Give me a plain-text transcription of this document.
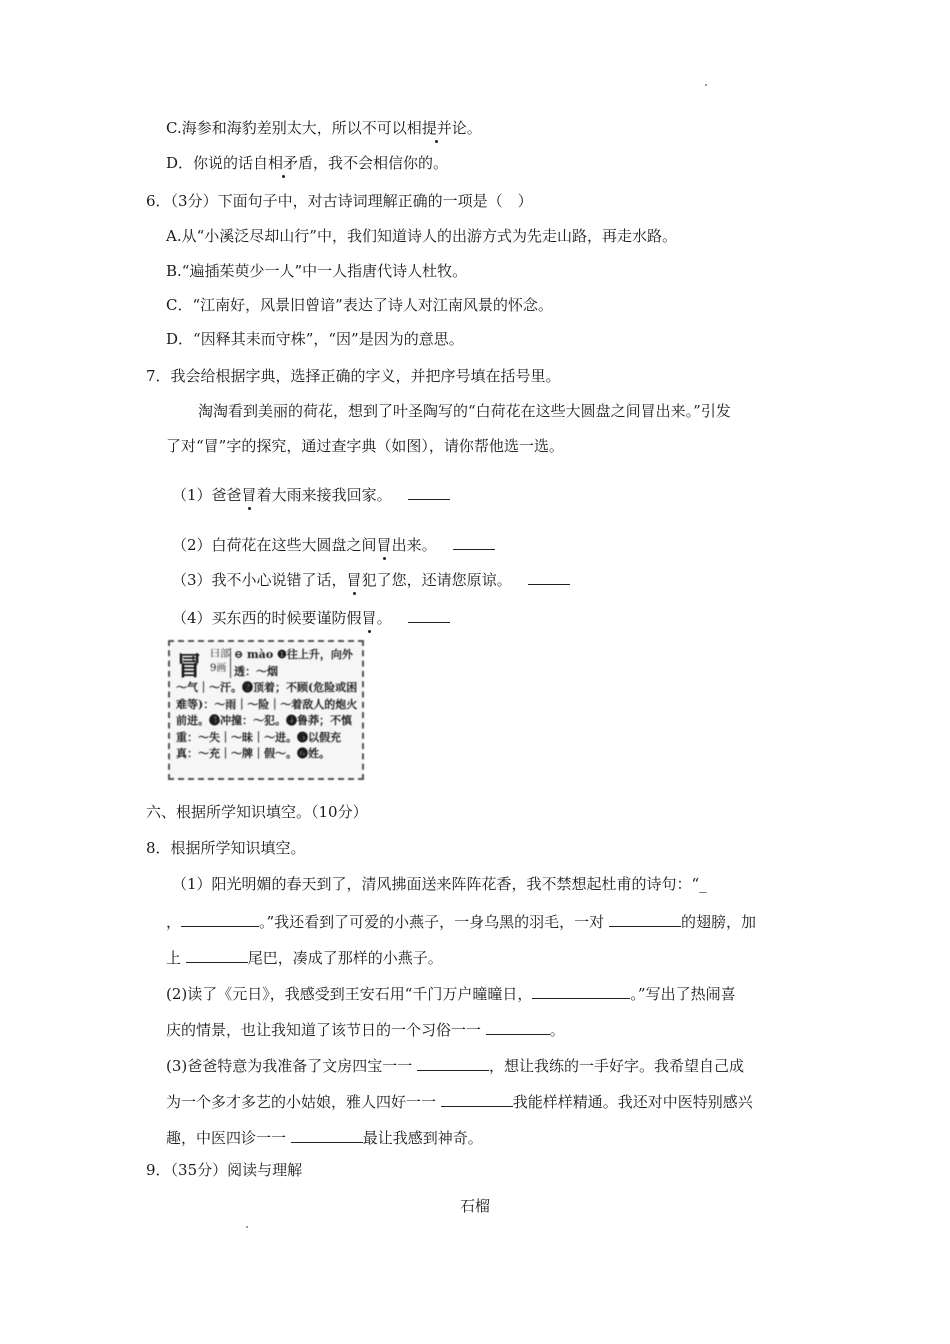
C.海参和海豹差别太大，所以不可以相提并论。
D．你说的话自相矛盾，我不会相信你的。
6．（3分）下面句子中，对古诗词理解正确的一项是（　）
A.从“小溪泛尽却山行”中，我们知道诗人的出游方式为先走山路，再走水路。
B.“遍插茱萸少一人”中一人指唐代诗人杜牧。
C．“江南好，风景旧曾谙”表达了诗人对江南风景的怀念。
D．“因释其耒而守株”，“因”是因为的意思。
7．我会给根据字典，选择正确的字义，并把序号填在括号里。
淘淘看到美丽的荷花，想到了叶圣陶写的“白荷花在这些大圆盘之间冒出来。”引发
了对“冒”字的探究，通过查字典（如图），请你帮他选一选。
（1）爸爸冒着大雨来接我回家。
（2）白荷花在这些大圆盘之间冒出来。
（3）我不小心说错了话，冒犯了您，还请您原谅。
（4）买东西的时候要谨防假冒。
冒 曰部
9画
⊖ mào ❶往上升，向外透：～烟
～气｜～汗。❷顶着；不顾(危险或困难等)：～雨｜～险｜～着敌人的炮火前进。❸冲撞：～犯。❹鲁莽；不慎重：～失｜～昧｜～进。❺以假充真：～充｜～牌｜假～。❻姓。
六、根据所学知识填空。（10分）
8．根据所学知识填空。
（1）阳光明媚的春天到了，清风拂面送来阵阵花香，我不禁想起杜甫的诗句：“_
，	。”我还看到了可爱的小燕子，一身乌黑的羽毛，一对	的翅膀，加
上	尾巴，凑成了那样的小燕子。
(2)读了《元日》，我感受到王安石用“千门万户曈曈日，	。”写出了热闹喜
庆的情景，也让我知道了该节日的一个习俗一一	。
(3)爸爸特意为我准备了文房四宝一一	，想让我练的一手好字。我希望自己成
为一个多才多艺的小姑娘，雅人四好一一	我能样样精通。我还对中医特别感兴
趣，中医四诊一一	最让我感到神奇。
9．（35分）阅读与理解
石榴
